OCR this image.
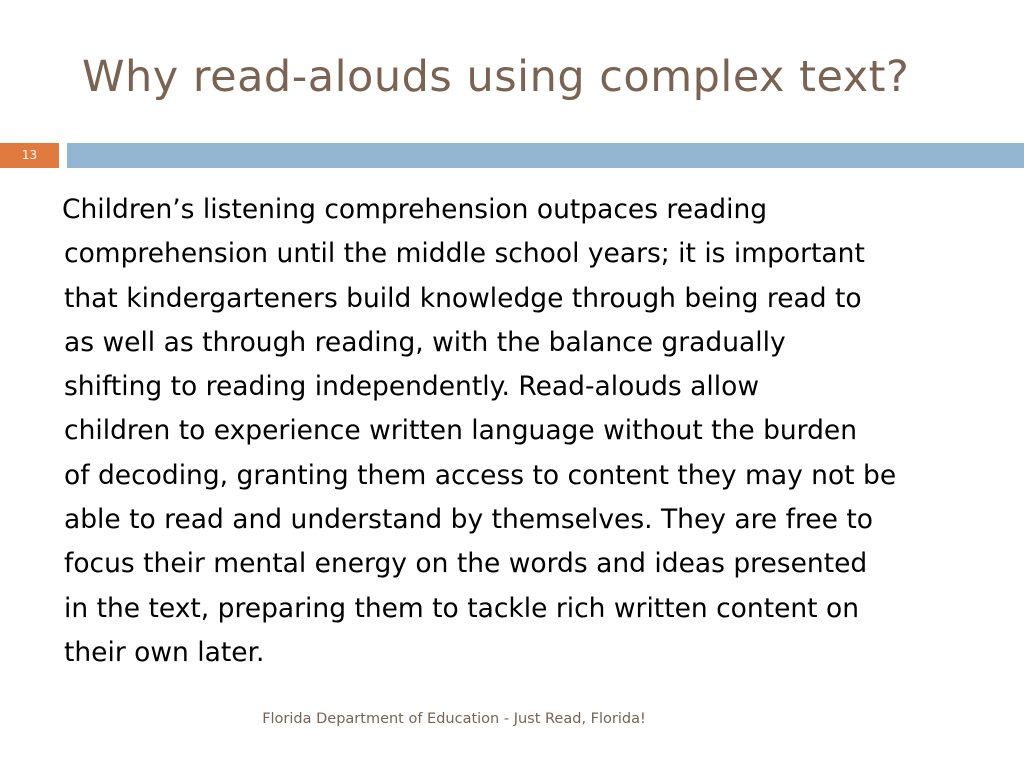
Why read-alouds using complex text?
13

Children’s listening comprehension outpaces reading
comprehension until the middle school years; it is important
that kindergarteners build knowledge through being read to
as well as through reading, with the balance gradually
shifting to reading independently. Read-alouds allow
children to experience written language without the burden
of decoding, granting them access to content they may not be
able to read and understand by themselves. They are free to
focus their mental energy on the words and ideas presented
in the text, preparing them to tackle rich written content on
their own later.

Florida Department of Education - Just Read, Florida!
